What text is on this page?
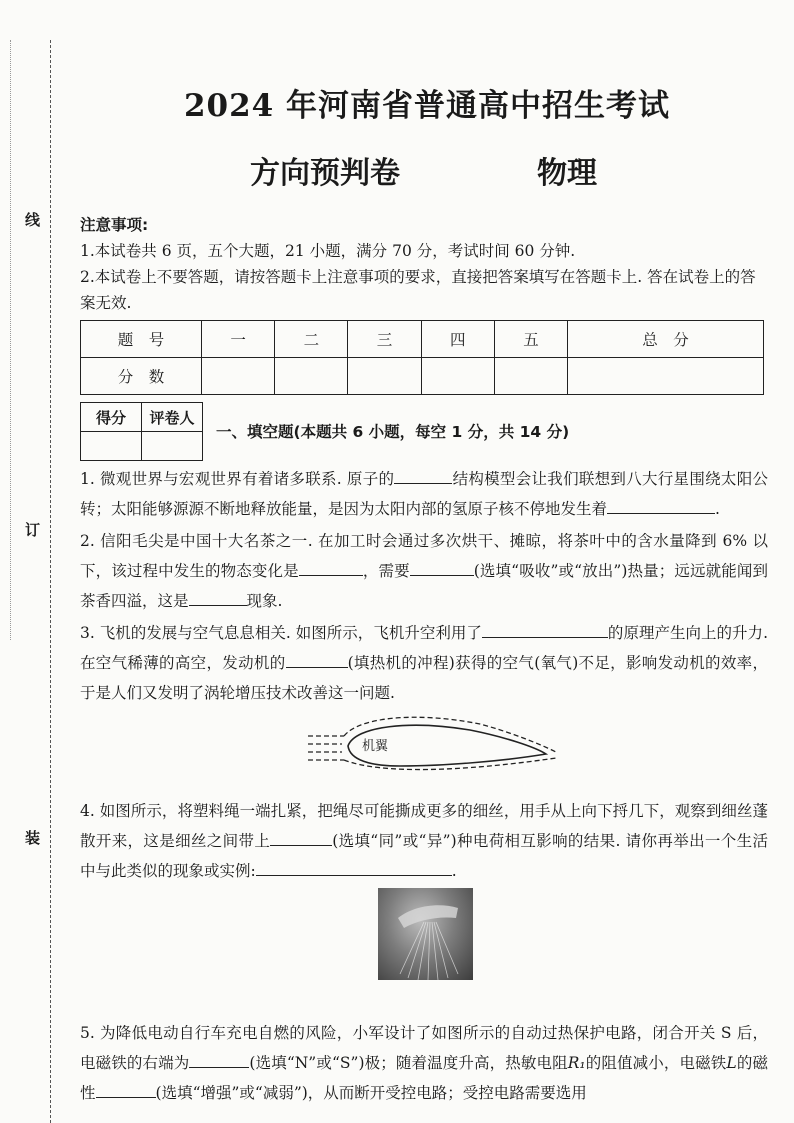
线
订
装
2024 年河南省普通高中招生考试
方向预判卷	物理
注意事项:
1.本试卷共 6 页，五个大题，21 小题，满分 70 分，考试时间 60 分钟.
2.本试卷上不要答题，请按答题卡上注意事项的要求，直接把答案填写在答题卡上. 答在试卷上的答案无效.
题　号	一	二	三	四	五	总　分
分　数						
得分	评卷人

一、填空题(本题共 6 小题，每空 1 分，共 14 分)
1. 微观世界与宏观世界有着诸多联系. 原子的	结构模型会让我们联想到八大行星围绕太阳公转；太阳能够源源不断地释放能量，是因为太阳内部的氢原子核不停地发生着	.
2. 信阳毛尖是中国十大名茶之一. 在加工时会通过多次烘干、摊晾，将茶叶中的含水量降到 6% 以下，该过程中发生的物态变化是	，需要	(选填“吸收”或“放出”)热量；远远就能闻到茶香四溢，这是	现象.
3. 飞机的发展与空气息息相关. 如图所示，飞机升空利用了	的原理产生向上的升力. 在空气稀薄的高空，发动机的	(填热机的冲程)获得的空气(氧气)不足，影响发动机的效率，于是人们又发明了涡轮增压技术改善这一问题.
机翼
4. 如图所示，将塑料绳一端扎紧，把绳尽可能撕成更多的细丝，用手从上向下捋几下，观察到细丝蓬散开来，这是细丝之间带上	(选填“同”或“异”)种电荷相互影响的结果. 请你再举出一个生活中与此类似的现象或实例:	.
5. 为降低电动自行车充电自燃的风险，小军设计了如图所示的自动过热保护电路，闭合开关 S 后，电磁铁的右端为	(选填“N”或“S”)极；随着温度升高，热敏电阻R₁的阻值减小，电磁铁L的磁性	(选填“增强”或“减弱”)，从而断开受控电路；受控电路需要选用
